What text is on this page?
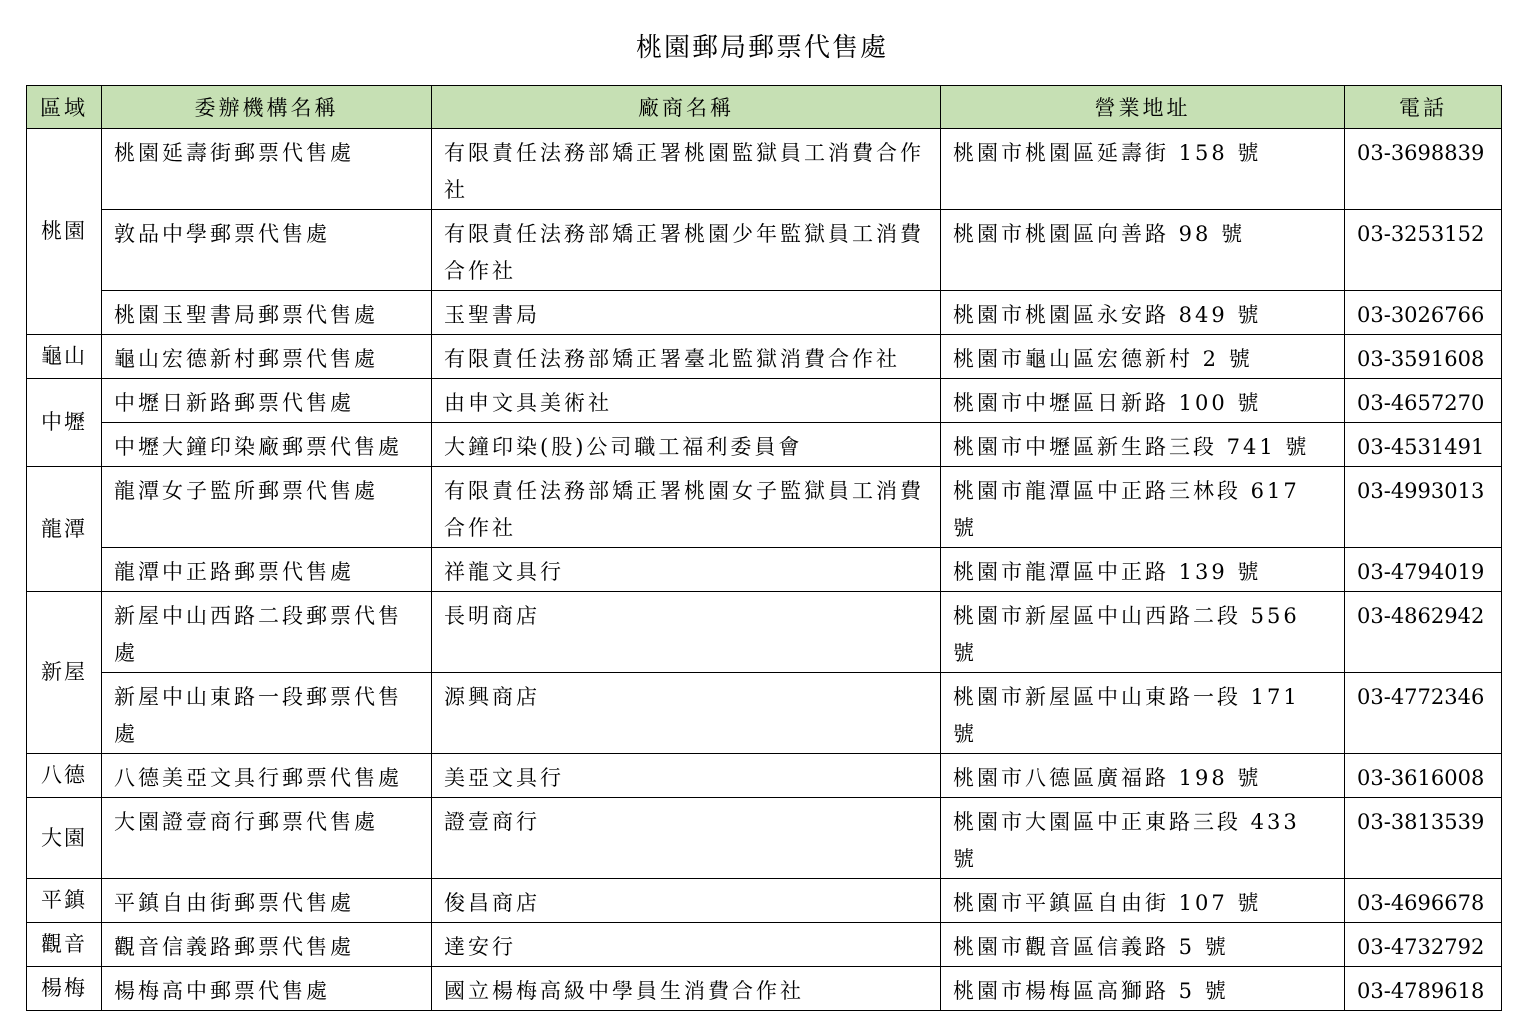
桃園郵局郵票代售處
區域	委辦機構名稱	廠商名稱	營業地址	電話
桃園	桃園延壽街郵票代售處	有限責任法務部矯正署桃園監獄員工消費合作社	桃園市桃園區延壽街 158 號	03-3698839
	敦品中學郵票代售處	有限責任法務部矯正署桃園少年監獄員工消費合作社	桃園市桃園區向善路 98 號	03-3253152
	桃園玉聖書局郵票代售處	玉聖書局	桃園市桃園區永安路 849 號	03-3026766
龜山	龜山宏德新村郵票代售處	有限責任法務部矯正署臺北監獄消費合作社	桃園市龜山區宏德新村 2 號	03-3591608
中壢	中壢日新路郵票代售處	由申文具美術社	桃園市中壢區日新路 100 號	03-4657270
	中壢大鐘印染廠郵票代售處	大鐘印染(股)公司職工福利委員會	桃園市中壢區新生路三段 741 號	03-4531491
龍潭	龍潭女子監所郵票代售處	有限責任法務部矯正署桃園女子監獄員工消費合作社	桃園市龍潭區中正路三林段 617 號	03-4993013
	龍潭中正路郵票代售處	祥龍文具行	桃園市龍潭區中正路 139 號	03-4794019
新屋	新屋中山西路二段郵票代售處	長明商店	桃園市新屋區中山西路二段 556 號	03-4862942
	新屋中山東路一段郵票代售處	源興商店	桃園市新屋區中山東路一段 171 號	03-4772346
八德	八德美亞文具行郵票代售處	美亞文具行	桃園市八德區廣福路 198 號	03-3616008
大園	大園證壹商行郵票代售處	證壹商行	桃園市大園區中正東路三段 433 號	03-3813539
平鎮	平鎮自由街郵票代售處	俊昌商店	桃園市平鎮區自由街 107 號	03-4696678
觀音	觀音信義路郵票代售處	達安行	桃園市觀音區信義路 5 號	03-4732792
楊梅	楊梅高中郵票代售處	國立楊梅高級中學員生消費合作社	桃園市楊梅區高獅路 5 號	03-4789618
